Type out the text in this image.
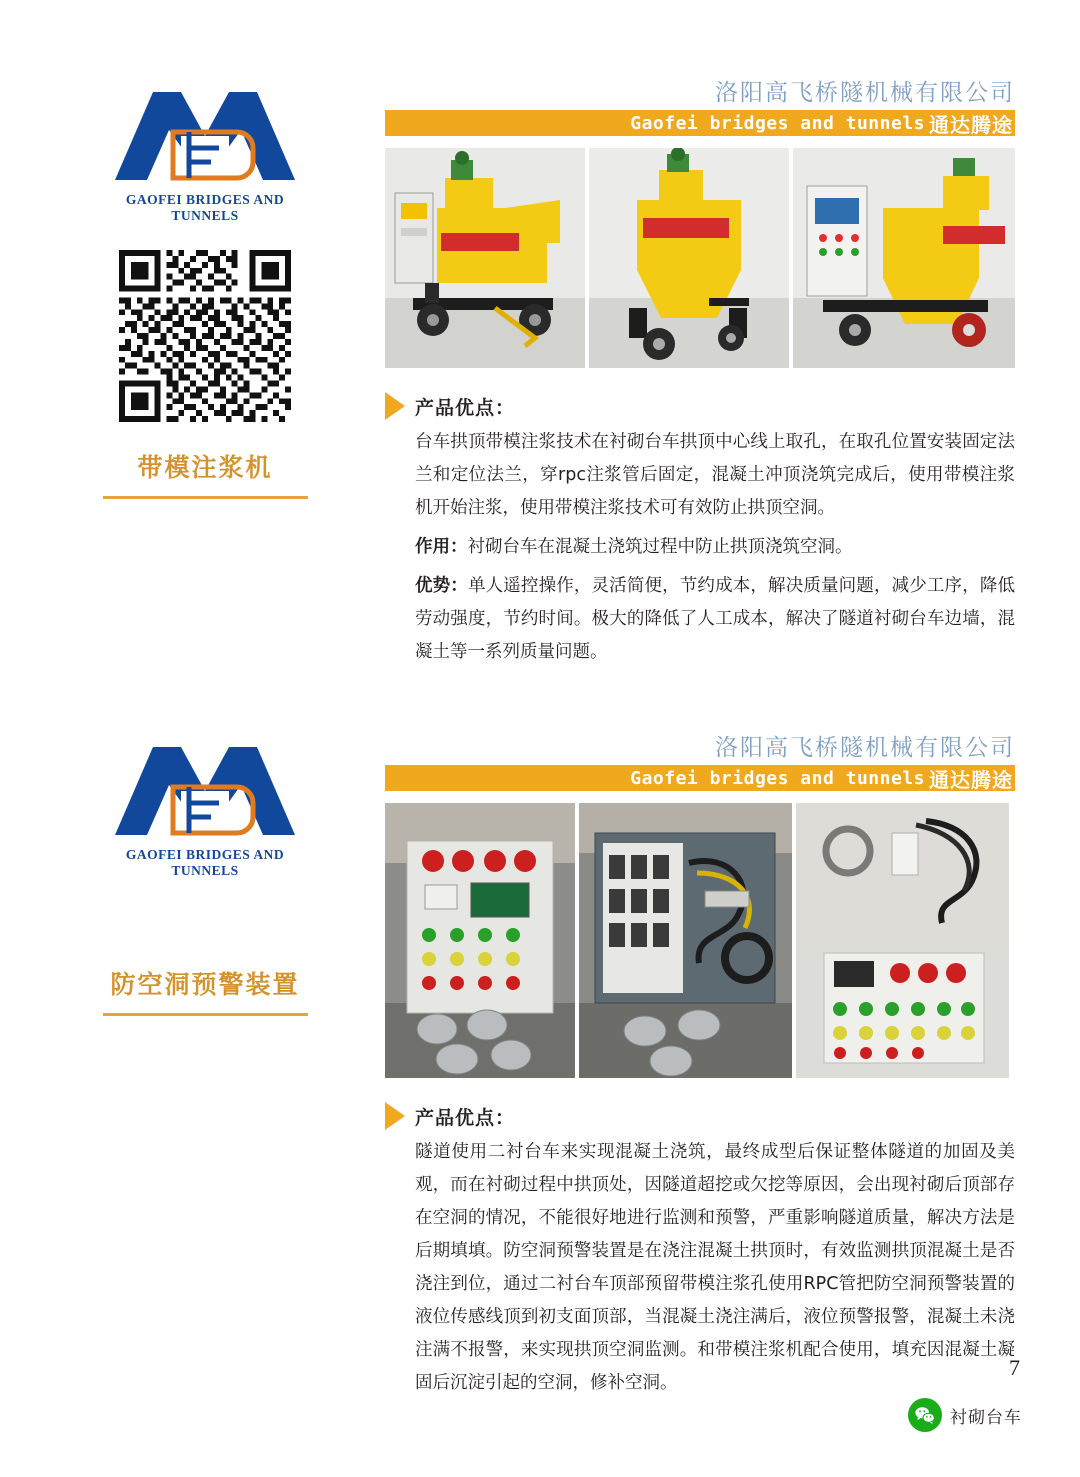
GAOFEI BRIDGES AND TUNNELS
带模注浆机
洛阳高飞桥隧机械有限公司
Gaofei bridges and tunnels 通达腾途
产品优点：
台车拱顶带模注浆技术在衬砌台车拱顶中心线上取孔，在取孔位置安装固定法兰和定位法兰，穿rpc注浆管后固定，混凝土冲顶浇筑完成后，使用带模注浆机开始注浆，使用带模注浆技术可有效防止拱顶空洞。
作用：衬砌台车在混凝土浇筑过程中防止拱顶浇筑空洞。
优势：单人遥控操作，灵活简便，节约成本，解决质量问题，减少工序，降低劳动强度，节约时间。极大的降低了人工成本，解决了隧道衬砌台车边墙，混凝土等一系列质量问题。
GAOFEI BRIDGES AND TUNNELS
防空洞预警装置
洛阳高飞桥隧机械有限公司
Gaofei bridges and tunnels 通达腾途
产品优点：
隧道使用二衬台车来实现混凝土浇筑，最终成型后保证整体隧道的加固及美观，而在衬砌过程中拱顶处，因隧道超挖或欠挖等原因，会出现衬砌后顶部存在空洞的情况，不能很好地进行监测和预警，严重影响隧道质量，解决方法是后期填填。防空洞预警装置是在浇注混凝土拱顶时，有效监测拱顶混凝土是否浇注到位，通过二衬台车顶部预留带模注浆孔使用RPC管把防空洞预警装置的液位传感线顶到初支面顶部，当混凝土浇注满后，液位预警报警，混凝土未浇注满不报警，来实现拱顶空洞监测。和带模注浆机配合使用，填充因混凝土凝固后沉淀引起的空洞，修补空洞。
7
衬砌台车
